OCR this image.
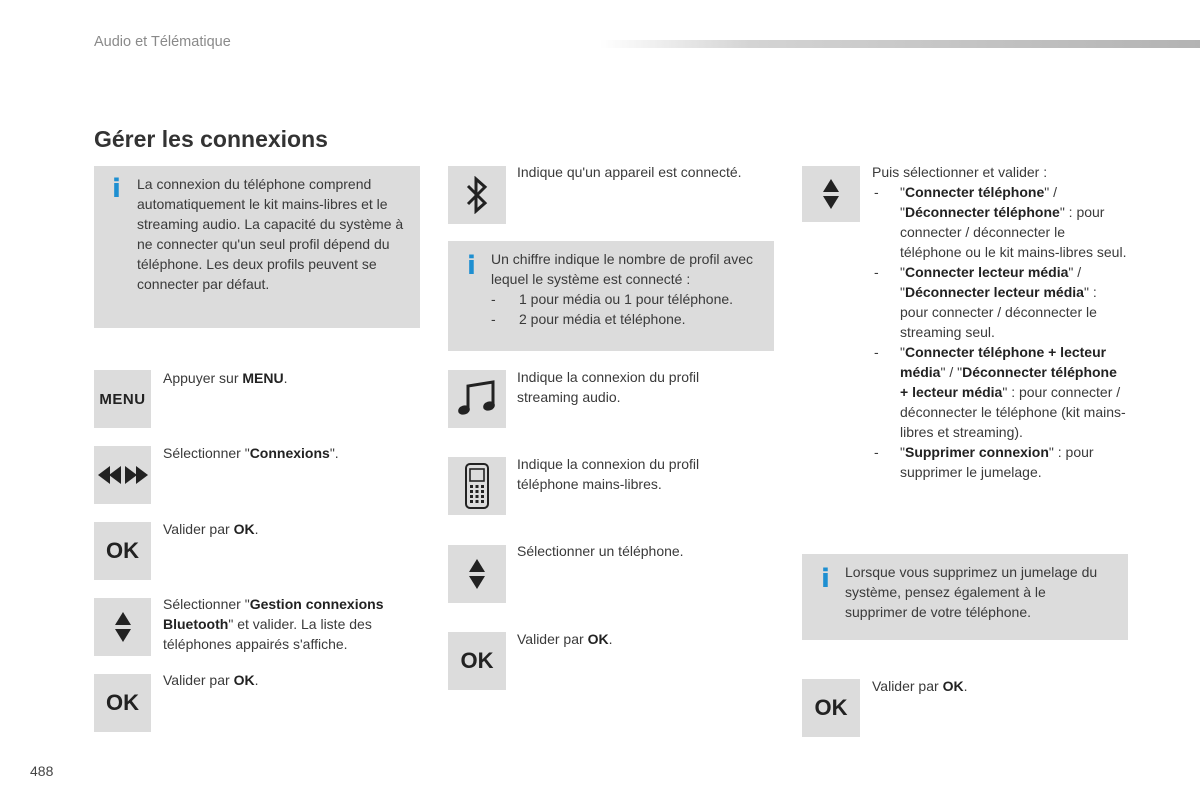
Audio et Télématique
Gérer les connexions
i La connexion du téléphone comprend automatiquement le kit mains-libres et le streaming audio. La capacité du système à ne connecter qu'un seul profil dépend du téléphone. Les deux profils peuvent se connecter par défaut.
MENU
Appuyer sur MENU.
Sélectionner "Connexions".
OK
Valider par OK.
Sélectionner "Gestion connexions Bluetooth" et valider. La liste des téléphones appairés s'affiche.
OK
Valider par OK.
Indique qu'un appareil est connecté.
i Un chiffre indique le nombre de profil avec lequel le système est connecté :
- 1 pour média ou 1 pour téléphone.
- 2 pour média et téléphone.
Indique la connexion du profil streaming audio.
Indique la connexion du profil téléphone mains-libres.
Sélectionner un téléphone.
OK
Valider par OK.
Puis sélectionner et valider :
- "Connecter téléphone" / "Déconnecter téléphone" : pour connecter / déconnecter le téléphone ou le kit mains-libres seul.
- "Connecter lecteur média" / "Déconnecter lecteur média" : pour connecter / déconnecter le streaming seul.
- "Connecter téléphone + lecteur média" / "Déconnecter téléphone + lecteur média" : pour connecter / déconnecter le téléphone (kit mains-libres et streaming).
- "Supprimer connexion" : pour supprimer le jumelage.
i Lorsque vous supprimez un jumelage du système, pensez également à le supprimer de votre téléphone.
OK
Valider par OK.
488
